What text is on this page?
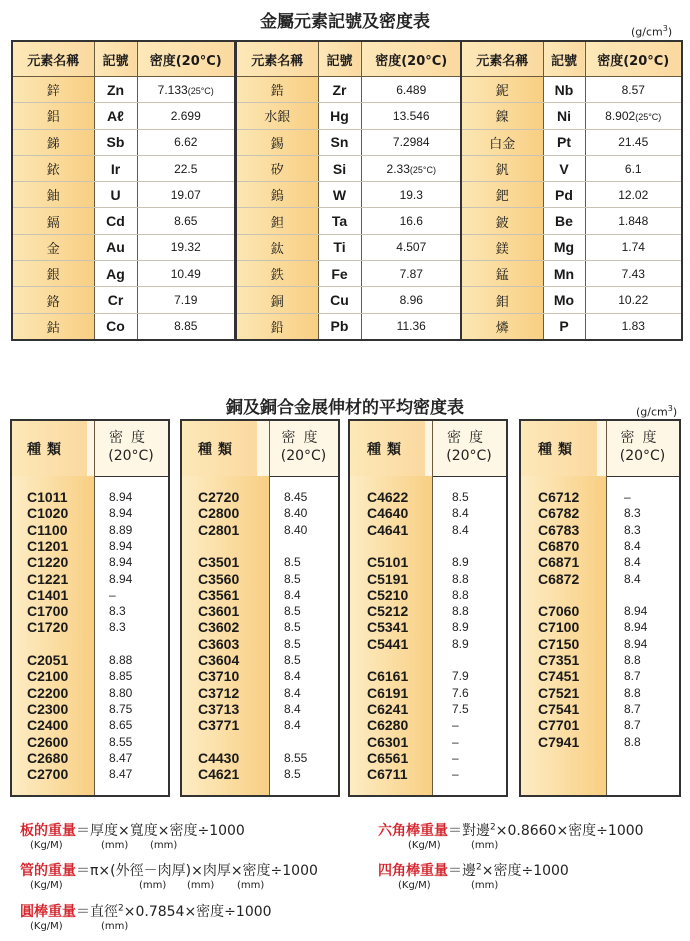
金屬元素記號及密度表
$(g/cm^3)$
元素名稱	記號	密度(20°C)
鋅	Zn	7.133(25°C)
鋁	Aℓ	2.699
銻	Sb	6.62
銥	Ir	22.5
鈾	U	19.07
鎘	Cd	8.65
金	Au	19.32
銀	Ag	10.49
鉻	Cr	7.19
鈷	Co	8.85
元素名稱	記號	密度(20°C)
鋯	Zr	6.489
水銀	Hg	13.546
錫	Sn	7.2984
矽	Si	2.33(25°C)
鎢	W	19.3
鉭	Ta	16.6
鈦	Ti	4.507
鉄	Fe	7.87
銅	Cu	8.96
鉛	Pb	11.36
元素名稱	記號	密度(20°C)
鈮	Nb	8.57
鎳	Ni	8.902(25°C)
白金	Pt	21.45
釩	V	6.1
鈀	Pd	12.02
鈹	Be	1.848
鎂	Mg	1.74
錳	Mn	7.43
鉬	Mo	10.22
燐	P	1.83
銅及銅合金展伸材的平均密度表	$(g/cm^3)$
種類
密度
(20°C)
C1011	8.94
C1020	8.94
C1100	8.89
C1201	8.94
C1220	8.94
C1221	8.94
C1401	–
C1700	8.3
C1720	8.3
C2051	8.88
C2100	8.85
C2200	8.80
C2300	8.75
C2400	8.65
C2600	8.55
C2680	8.47
C2700	8.47
種類
密度
(20°C)
C2720	8.45
C2800	8.40
C2801	8.40
C3501	8.5
C3560	8.5
C3561	8.4
C3601	8.5
C3602	8.5
C3603	8.5
C3604	8.5
C3710	8.4
C3712	8.4
C3713	8.4
C3771	8.4
C4430	8.55
C4621	8.5
種類
密度
(20°C)
C4622	8.5
C4640	8.4
C4641	8.4
C5101	8.9
C5191	8.8
C5210	8.8
C5212	8.8
C5341	8.9
C5441	8.9
C6161	7.9
C6191	7.6
C6241	7.5
C6280	–
C6301	–
C6561	–
C6711	–
種類
密度
(20°C)
C6712	–
C6782	8.3
C6783	8.3
C6870	8.4
C6871	8.4
C6872	8.4
C7060	8.94
C7100	8.94
C7150	8.94
C7351	8.8
C7451	8.7
C7521	8.8
C7541	8.7
C7701	8.7
C7941	8.8
板的重量＝厚度×寬度×密度÷1000
(Kg/M)	(mm) (mm)
六角棒重量＝對邊$^2$×0.8660×密度÷1000
(Kg/M)	(mm)
管的重量＝π×(外徑－肉厚)×肉厚×密度÷1000
(Kg/M)	(mm) (mm) (mm)
四角棒重量＝邊$^2$×密度÷1000
(Kg/M)	(mm)
圓棒重量＝直徑$^2$×0.7854×密度÷1000
(Kg/M)	(mm)
